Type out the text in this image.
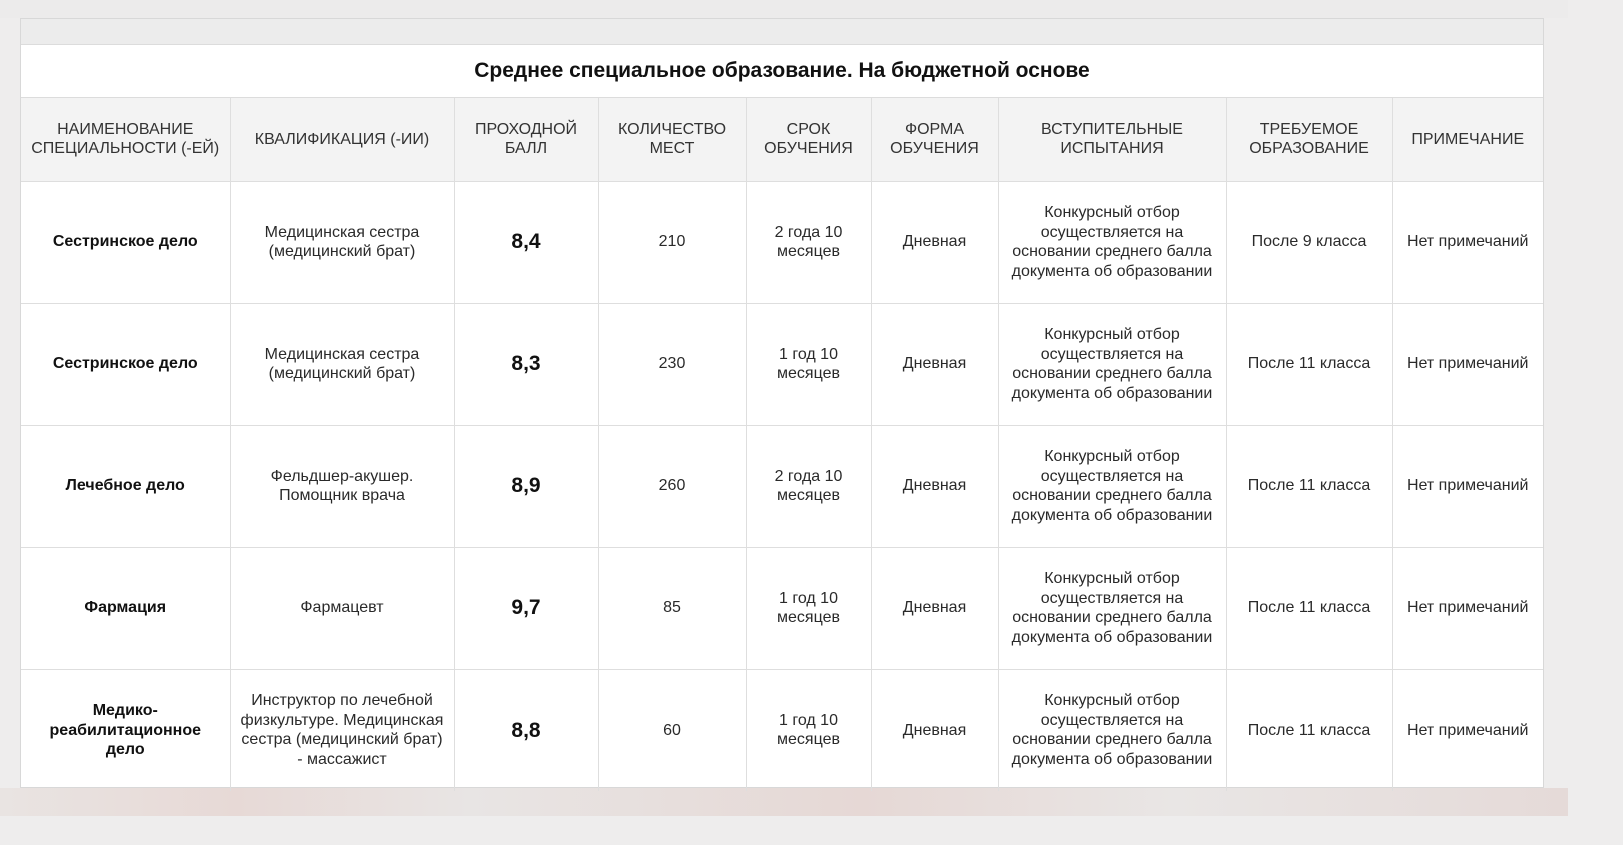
Среднее специальное образование. На бюджетной основе
НАИМЕНОВАНИЕ СПЕЦИАЛЬНОСТИ (-ЕЙ)	КВАЛИФИКАЦИЯ (-ИИ)	ПРОХОДНОЙ БАЛЛ	КОЛИЧЕСТВО МЕСТ	СРОК ОБУЧЕНИЯ	ФОРМА ОБУЧЕНИЯ	ВСТУПИТЕЛЬНЫЕ ИСПЫТАНИЯ	ТРЕБУЕМОЕ ОБРАЗОВАНИЕ	ПРИМЕЧАНИЕ
Сестринское дело	Медицинская сестра (медицинский брат)	8,4	210	2 года 10 месяцев	Дневная	Конкурсный отбор осуществляется на основании среднего балла документа об образовании	После 9 класса	Нет примечаний
Сестринское дело	Медицинская сестра (медицинский брат)	8,3	230	1 год 10 месяцев	Дневная	Конкурсный отбор осуществляется на основании среднего балла документа об образовании	После 11 класса	Нет примечаний
Лечебное дело	Фельдшер-акушер. Помощник врача	8,9	260	2 года 10 месяцев	Дневная	Конкурсный отбор осуществляется на основании среднего балла документа об образовании	После 11 класса	Нет примечаний
Фармация	Фармацевт	9,7	85	1 год 10 месяцев	Дневная	Конкурсный отбор осуществляется на основании среднего балла документа об образовании	После 11 класса	Нет примечаний
Медико-реабилитационное дело	Инструктор по лечебной физкультуре. Медицинская сестра (медицинский брат) - массажист	8,8	60	1 год 10 месяцев	Дневная	Конкурсный отбор осуществляется на основании среднего балла документа об образовании	После 11 класса	Нет примечаний
